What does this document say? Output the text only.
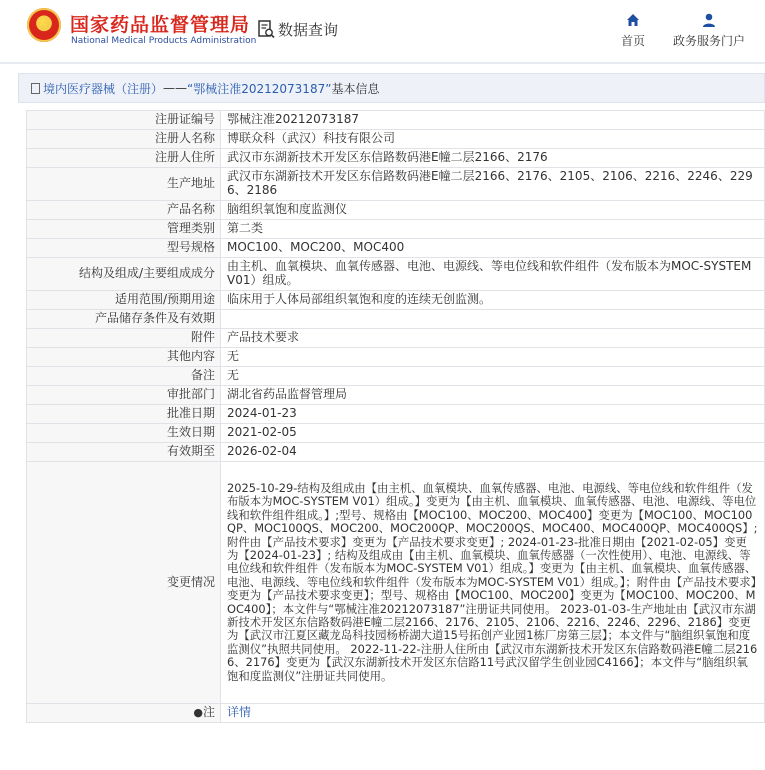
★
国家药品监督管理局
National Medical Products Administration
数据查询
首页 政务服务门户
境内医疗器械（注册） —— “鄂械注准20212073187” 基本信息
注册证编号	鄂械注准20212073187
注册人名称	博联众科（武汉）科技有限公司
注册人住所	武汉市东湖新技术开发区东信路数码港E幢二层2166、2176
生产地址	武汉市东湖新技术开发区东信路数码港E幢二层2166、2176、2105、2106、2216、2246、2296、2186
产品名称	脑组织氧饱和度监测仪
管理类别	第二类
型号规格	MOC100、MOC200、MOC400
结构及组成/主要组成成分	由主机、血氧模块、血氧传感器、电池、电源线、等电位线和软件组件（发布版本为MOC-SYSTEM V01）组成。
适用范围/预期用途	临床用于人体局部组织氧饱和度的连续无创监测。
产品储存条件及有效期	
附件	产品技术要求
其他内容	无
备注	无
审批部门	湖北省药品监督管理局
批准日期	2024-01-23
生效日期	2021-02-05
有效期至	2026-02-04
变更情况	2025-10-29-结构及组成由【由主机、血氧模块、血氧传感器、电池、电源线、等电位线和软件组件（发布版本为MOC-SYSTEM V01）组成。】变更为【由主机、血氧模块、血氧传感器、电池、电源线、等电位线和软件组件组成。】;型号、规格由【MOC100、MOC200、MOC400】变更为【MOC100、MOC100QP、MOC100QS、MOC200、MOC200QP、MOC200QS、MOC400、MOC400QP、MOC400QS】;附件由【产品技术要求】变更为【产品技术要求变更】; 2024-01-23-批准日期由【2021-02-05】变更为【2024-01-23】; 结构及组成由【由主机、血氧模块、血氧传感器（一次性使用）、电池、电源线、等电位线和软件组件（发布版本为MOC-SYSTEM V01）组成。】变更为【由主机、血氧模块、血氧传感器、电池、电源线、等电位线和软件组件（发布版本为MOC-SYSTEM V01）组成。】；附件由【产品技术要求】变更为【产品技术要求变更】；型号、规格由【MOC100、MOC200】变更为【MOC100、MOC200、MOC400】；本文件与“鄂械注准20212073187”注册证共同使用。 2023-01-03-生产地址由【武汉市东湖新技术开发区东信路数码港E幢二层2166、2176、2105、2106、2216、2246、2296、2186】变更为【武汉市江夏区藏龙岛科技园杨桥湖大道15号拓创产业园1栋厂房第三层】；本文件与“脑组织氧饱和度监测仪”执照共同使用。 2022-11-22-注册人住所由【武汉市东湖新技术开发区东信路数码港E幢二层2166、2176】变更为【武汉东湖新技术开发区东信路11号武汉留学生创业园C4166】；本文件与“脑组织氧饱和度监测仪”注册证共同使用。
●注	详情
